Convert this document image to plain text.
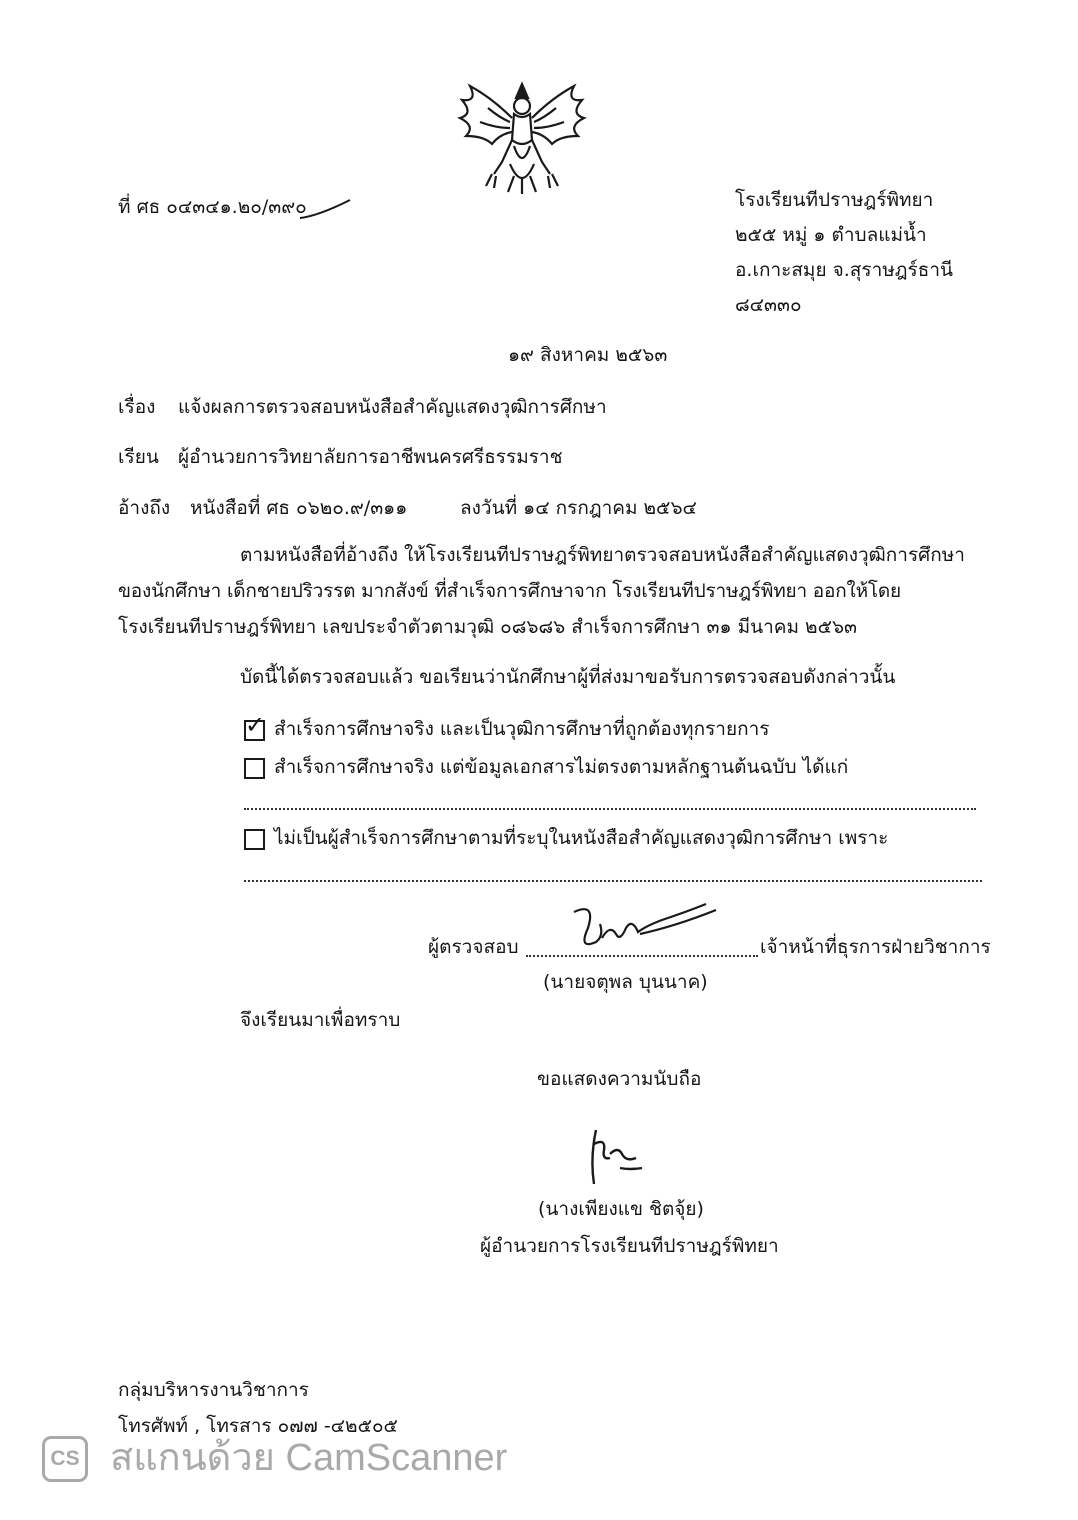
ที่ ศธ ๐๔๓๔๑.๒๐/๓๙๐	โรงเรียนทีปราษฎร์พิทยา
๒๕๕ หมู่ ๑ ตำบลแม่น้ำ
อ.เกาะสมุย จ.สุราษฎร์ธานี
๘๔๓๓๐
๑๙ สิงหาคม ๒๕๖๓
เรื่อง แจ้งผลการตรวจสอบหนังสือสำคัญแสดงวุฒิการศึกษา
เรียน ผู้อำนวยการวิทยาลัยการอาชีพนครศรีธรรมราช
อ้างถึง หนังสือที่ ศธ ๐๖๒๐.๙/๓๑๑	ลงวันที่ ๑๔ กรกฎาคม ๒๕๖๔
ตามหนังสือที่อ้างถึง ให้โรงเรียนทีปราษฎร์พิทยาตรวจสอบหนังสือสำคัญแสดงวุฒิการศึกษา
ของนักศึกษา เด็กชายปริวรรต มากสังข์ ที่สำเร็จการศึกษาจาก โรงเรียนทีปราษฎร์พิทยา ออกให้โดย
โรงเรียนทีปราษฎร์พิทยา เลขประจำตัวตามวุฒิ ๐๘๖๘๖ สำเร็จการศึกษา ๓๑ มีนาคม ๒๕๖๓
บัดนี้ได้ตรวจสอบแล้ว ขอเรียนว่านักศึกษาผู้ที่ส่งมาขอรับการตรวจสอบดังกล่าวนั้น
✓ สำเร็จการศึกษาจริง และเป็นวุฒิการศึกษาที่ถูกต้องทุกรายการ
สำเร็จการศึกษาจริง แต่ข้อมูลเอกสารไม่ตรงตามหลักฐานต้นฉบับ ได้แก่
ไม่เป็นผู้สำเร็จการศึกษาตามที่ระบุในหนังสือสำคัญแสดงวุฒิการศึกษา เพราะ
ผู้ตรวจสอบ	เจ้าหน้าที่ธุรการฝ่ายวิชาการ
(นายจตุพล บุนนาค)
จึงเรียนมาเพื่อทราบ
ขอแสดงความนับถือ
(นางเพียงแข ชิตจุ้ย)
ผู้อำนวยการโรงเรียนทีปราษฎร์พิทยา
กลุ่มบริหารงานวิชาการ
โทรศัพท์ , โทรสาร ๐๗๗ -๔๒๕๐๕
CS สแกนด้วย CamScanner
